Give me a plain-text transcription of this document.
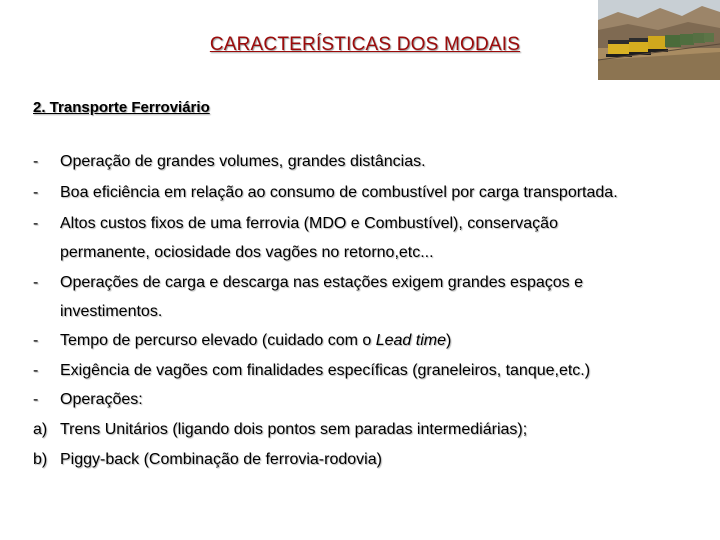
CARACTERÍSTICAS DOS MODAIS
2. Transporte Ferroviário
- Operação de grandes volumes, grandes distâncias.
- Boa eficiência em relação ao consumo de combustível por carga transportada.
- Altos custos fixos de uma ferrovia (MDO e Combustível), conservação
permanente, ociosidade dos vagões no retorno,etc...
- Operações de carga e descarga nas estações exigem grandes espaços e
investimentos.
- Tempo de percurso elevado (cuidado com o Lead time)
- Exigência de vagões com finalidades específicas (graneleiros, tanque,etc.)
- Operações:
a) Trens Unitários (ligando dois pontos sem paradas intermediárias);
b) Piggy-back (Combinação de ferrovia-rodovia)
